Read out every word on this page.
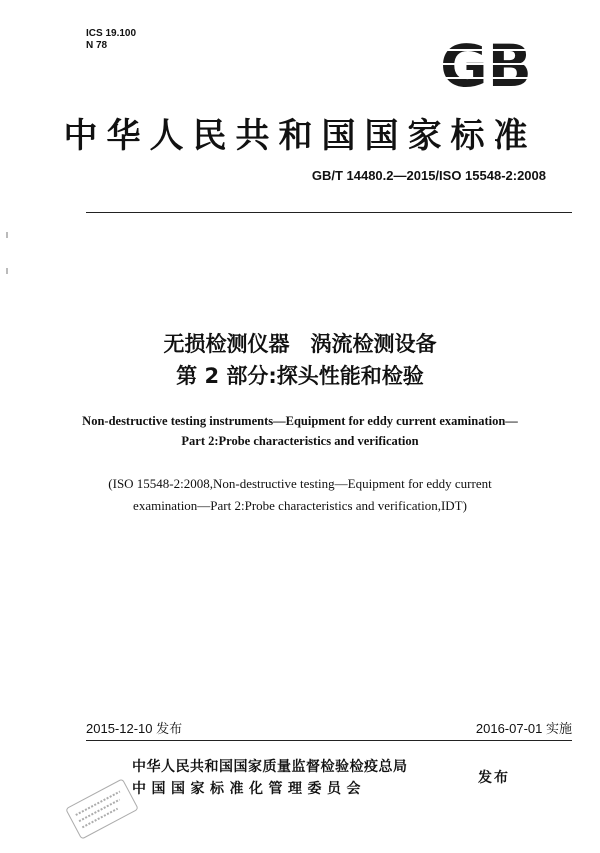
ICS 19.100
N 78	GB
中华人民共和国国家标准
GB/T 14480.2—2015/ISO 15548-2:2008
无损检测仪器　涡流检测设备
第 2 部分:探头性能和检验
Non-destructive testing instruments—Equipment for eddy current examination—
Part 2:Probe characteristics and verification
(ISO 15548-2:2008,Non-destructive testing—Equipment for eddy current
examination—Part 2:Probe characteristics and verification,IDT)
2015-12-10 发布	2016-07-01 实施
中华人民共和国国家质量监督检验检疫总局
中国国家标准化管理委员会
发布
